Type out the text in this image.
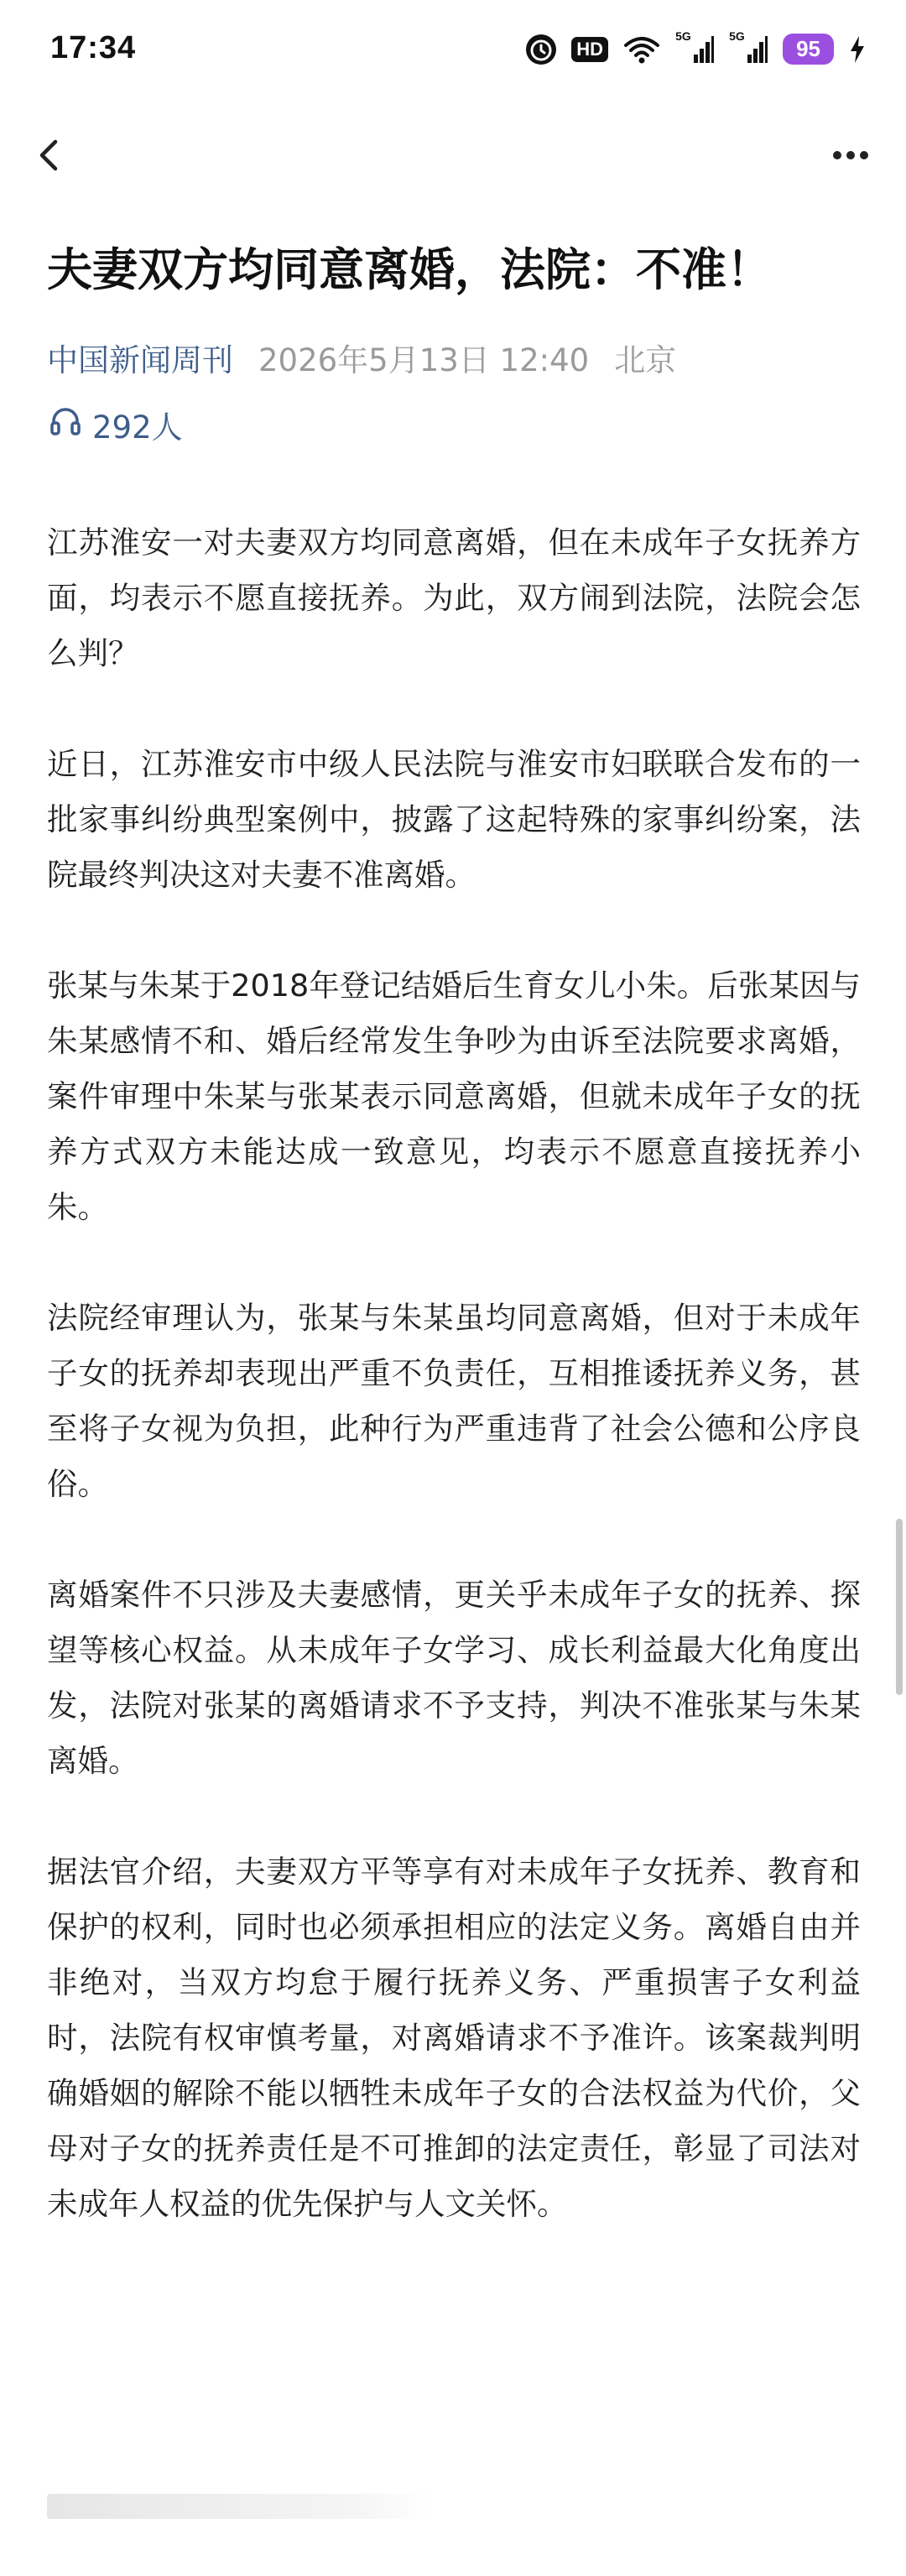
17:34	HD
5G	5G
95
夫妻双方均同意离婚，法院：不准！
中国新闻周刊 2026年5月13日 12:40 北京
292人

江苏淮安一对夫妻双方均同意离婚，但在未成年子女抚养方面，均表示不愿直接抚养。为此，双方闹到法院，法院会怎么判？

近日，江苏淮安市中级人民法院与淮安市妇联联合发布的一批家事纠纷典型案例中，披露了这起特殊的家事纠纷案，法院最终判决这对夫妻不准离婚。

张某与朱某于2018年登记结婚后生育女儿小朱。后张某因与朱某感情不和、婚后经常发生争吵为由诉至法院要求离婚，案件审理中朱某与张某表示同意离婚，但就未成年子女的抚养方式双方未能达成一致意见，均表示不愿意直接抚养小朱。

法院经审理认为，张某与朱某虽均同意离婚，但对于未成年子女的抚养却表现出严重不负责任，互相推诿抚养义务，甚至将子女视为负担，此种行为严重违背了社会公德和公序良俗。

离婚案件不只涉及夫妻感情，更关乎未成年子女的抚养、探望等核心权益。从未成年子女学习、成长利益最大化角度出发，法院对张某的离婚请求不予支持，判决不准张某与朱某离婚。

据法官介绍，夫妻双方平等享有对未成年子女抚养、教育和保护的权利，同时也必须承担相应的法定义务。离婚自由并非绝对，当双方均怠于履行抚养义务、严重损害子女利益时，法院有权审慎考量，对离婚请求不予准许。该案裁判明确婚姻的解除不能以牺牲未成年子女的合法权益为代价，父母对子女的抚养责任是不可推卸的法定责任，彰显了司法对未成年人权益的优先保护与人文关怀。
